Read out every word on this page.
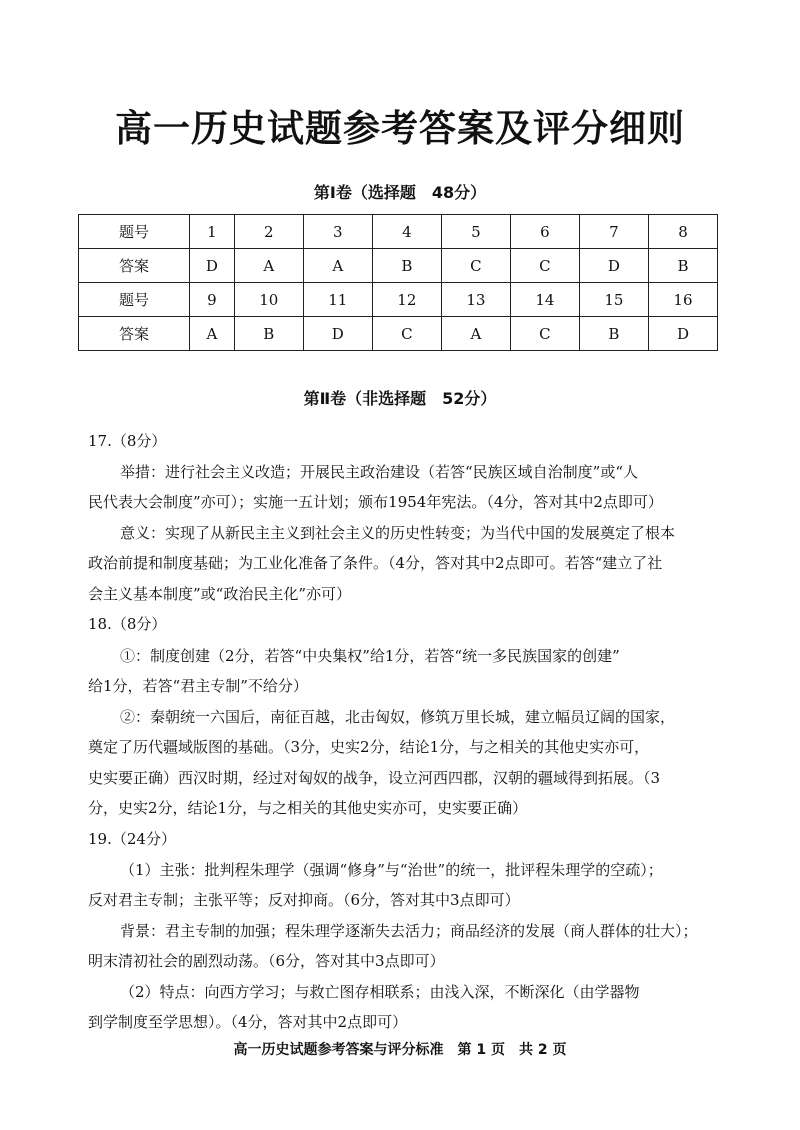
高一历史试题参考答案及评分细则
第Ⅰ卷（选择题　48分）
题号	1	2	3	4	5	6	7	8
答案	D	A	A	B	C	C	D	B
题号	9	10	11	12	13	14	15	16
答案	A	B	D	C	A	C	B	D
第Ⅱ卷（非选择题　52分）
17.（8分）
举措：进行社会主义改造；开展民主政治建设（若答“民族区域自治制度”或“人
民代表大会制度”亦可）；实施一五计划；颁布1954年宪法。（4分，答对其中2点即可）
意义：实现了从新民主主义到社会主义的历史性转变；为当代中国的发展奠定了根本
政治前提和制度基础；为工业化准备了条件。（4分，答对其中2点即可。若答“建立了社
会主义基本制度”或“政治民主化”亦可）
18.（8分）
①：制度创建（2分，若答“中央集权”给1分，若答“统一多民族国家的创建”
给1分，若答“君主专制”不给分）
②：秦朝统一六国后，南征百越，北击匈奴，修筑万里长城，建立幅员辽阔的国家，
奠定了历代疆域版图的基础。（3分，史实2分，结论1分，与之相关的其他史实亦可，
史实要正确）西汉时期，经过对匈奴的战争，设立河西四郡，汉朝的疆域得到拓展。（3
分，史实2分，结论1分，与之相关的其他史实亦可，史实要正确）
19.（24分）
（1）主张：批判程朱理学（强调“修身”与“治世”的统一，批评程朱理学的空疏）；
反对君主专制；主张平等；反对抑商。（6分，答对其中3点即可）
背景：君主专制的加强；程朱理学逐渐失去活力；商品经济的发展（商人群体的壮大）；
明末清初社会的剧烈动荡。（6分，答对其中3点即可）
（2）特点：向西方学习；与救亡图存相联系；由浅入深，不断深化（由学器物
到学制度至学思想）。（4分，答对其中2点即可）
高一历史试题参考答案与评分标准　第 1 页　共 2 页
